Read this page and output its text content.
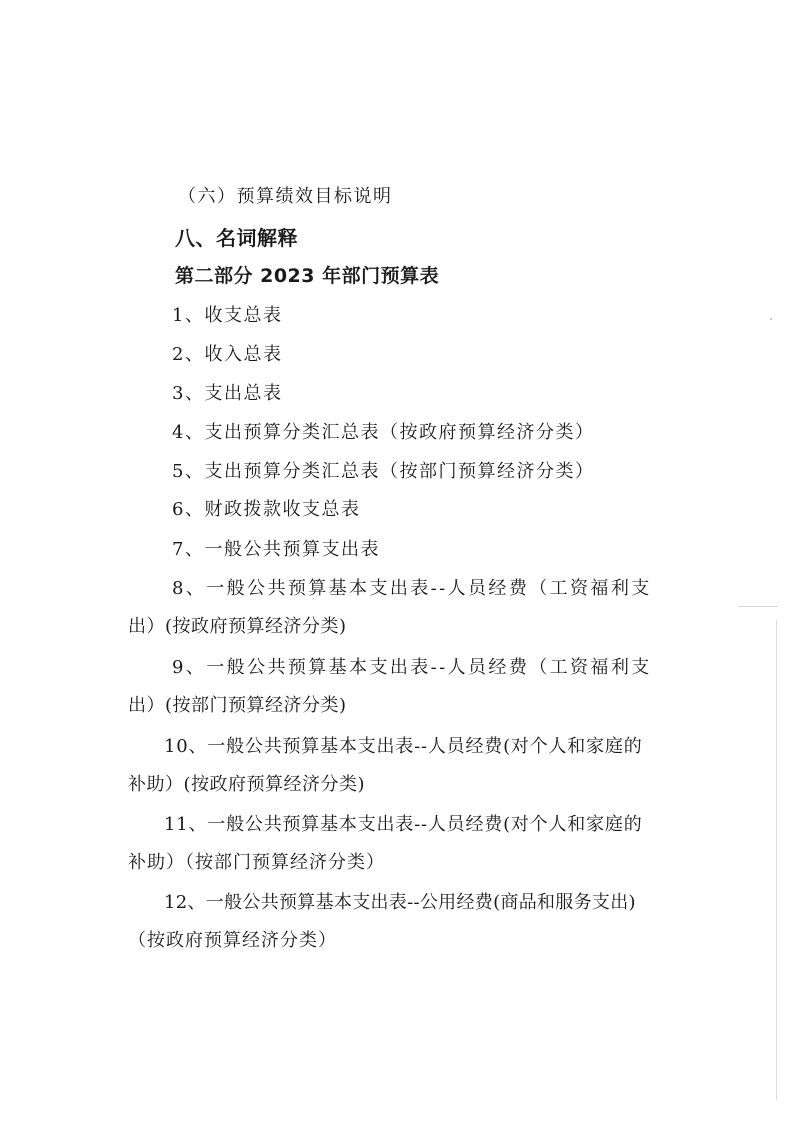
（六）预算绩效目标说明
八、名词解释
第二部分 2023 年部门预算表
1、收支总表
2、收入总表
3、支出总表
4、支出预算分类汇总表（按政府预算经济分类）
5、支出预算分类汇总表（按部门预算经济分类）
6、财政拨款收支总表
7、一般公共预算支出表
8、一般公共预算基本支出表--人员经费（工资福利支
出）(按政府预算经济分类)
9、一般公共预算基本支出表--人员经费（工资福利支
出）(按部门预算经济分类)
10、一般公共预算基本支出表--人员经费(对个人和家庭的
补助）(按政府预算经济分类)
11、一般公共预算基本支出表--人员经费(对个人和家庭的
补助）（按部门预算经济分类）
12、一般公共预算基本支出表--公用经费(商品和服务支出)
（按政府预算经济分类）
